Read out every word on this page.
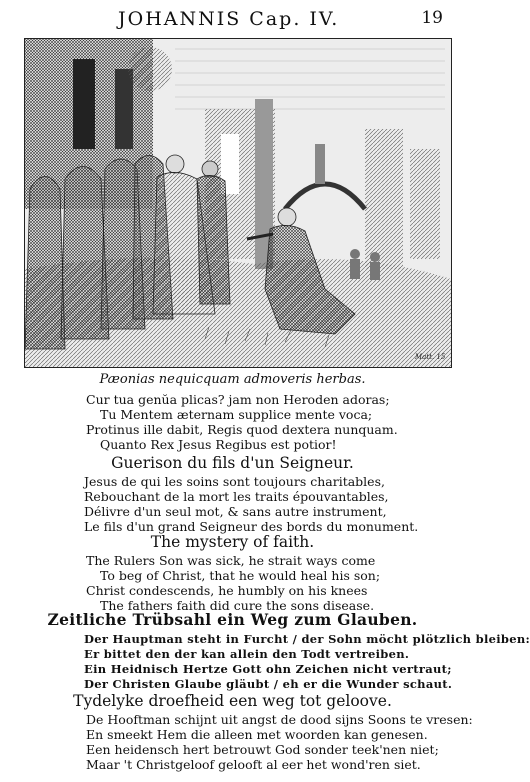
JOHANNIS Cap. IV.	19
Matt. 15
Pæonias nequicquam admoveris herbas.
Cur tua genŭa plicas? jam non Heroden adoras;
Tu Mentem æternam supplice mente voca;
Protinus ille dabit, Regis quod dextera nunquam.
Quanto Rex Jesus Regibus est potior!
Guerison du fils d'un Seigneur.
Jesus de qui les soins sont toujours charitables,
Rebouchant de la mort les traits épouvantables,
Délivre d'un seul mot, & sans autre instrument,
Le fils d'un grand Seigneur des bords du monument.
The mystery of faith.
The Rulers Son was sick, he strait ways come
To beg of Christ, that he would heal his son;
Christ condescends, he humbly on his knees
The fathers faith did cure the sons disease.
Zeitliche Trübsahl ein Weg zum Glauben.
Der Hauptman steht in Furcht / der Sohn möcht plötzlich bleiben:
Er bittet den der kan allein den Todt vertreiben.
Ein Heidnisch Hertze Gott ohn Zeichen nicht vertraut;
Der Christen Glaube gläubt / eh er die Wunder schaut.
Tydelyke droefheid een weg tot geloove.
De Hooftman schijnt uit angst de dood sijns Soons te vresen:
En smeekt Hem die alleen met woorden kan genesen.
Een heidensch hert betrouwt God sonder teek'nen niet;
Maar 't Christgeloof gelooft al eer het wond'ren siet.
